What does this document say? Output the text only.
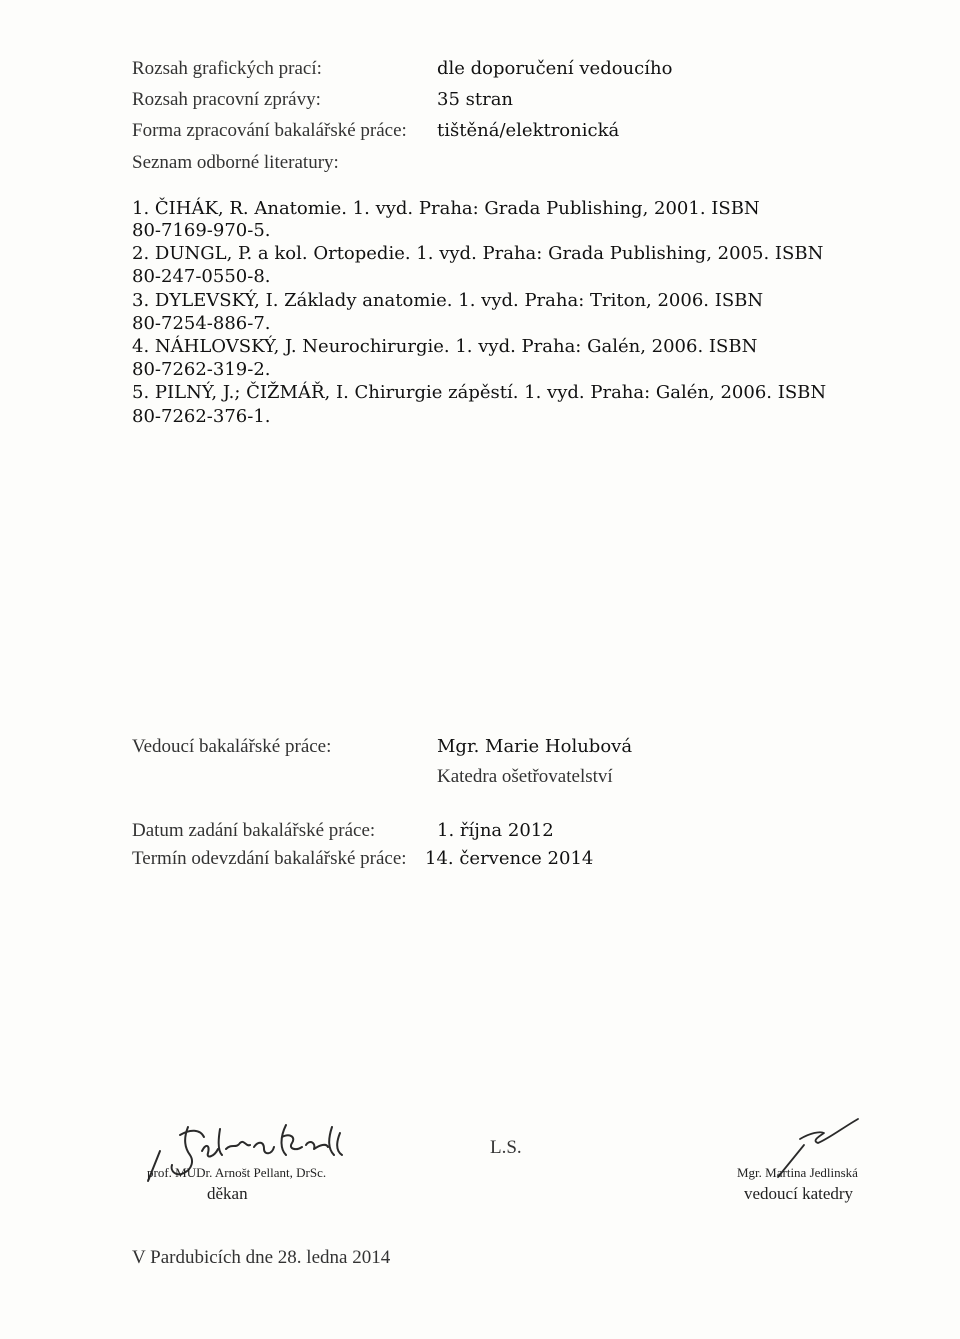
Rozsah grafických prací:	dle doporučení vedoucího
Rozsah pracovní zprávy:	35 stran
Forma zpracování bakalářské práce: tištěná/elektronická
Seznam odborné literatury:
1. ČIHÁK, R. Anatomie. 1. vyd. Praha: Grada Publishing, 2001. ISBN
80-7169-970-5.
2. DUNGL, P. a kol. Ortopedie. 1. vyd. Praha: Grada Publishing, 2005. ISBN
80-247-0550-8.
3. DYLEVSKÝ, I. Základy anatomie. 1. vyd. Praha: Triton, 2006. ISBN
80-7254-886-7.
4. NÁHLOVSKÝ, J. Neurochirurgie. 1. vyd. Praha: Galén, 2006. ISBN
80-7262-319-2.
5. PILNÝ, J.; ČIŽMÁŘ, I. Chirurgie zápěstí. 1. vyd. Praha: Galén, 2006. ISBN
80-7262-376-1.
Vedoucí bakalářské práce:	Mgr. Marie Holubová
Katedra ošetřovatelství
Datum zadání bakalářské práce:	1. října 2012
Termín odevzdání bakalářské práce: 14. července 2014
prof. MUDr. Arnošt Pellant, DrSc.
děkan
L.S.
Mgr. Martina Jedlinská
vedoucí katedry
V Pardubicích dne 28. ledna 2014
